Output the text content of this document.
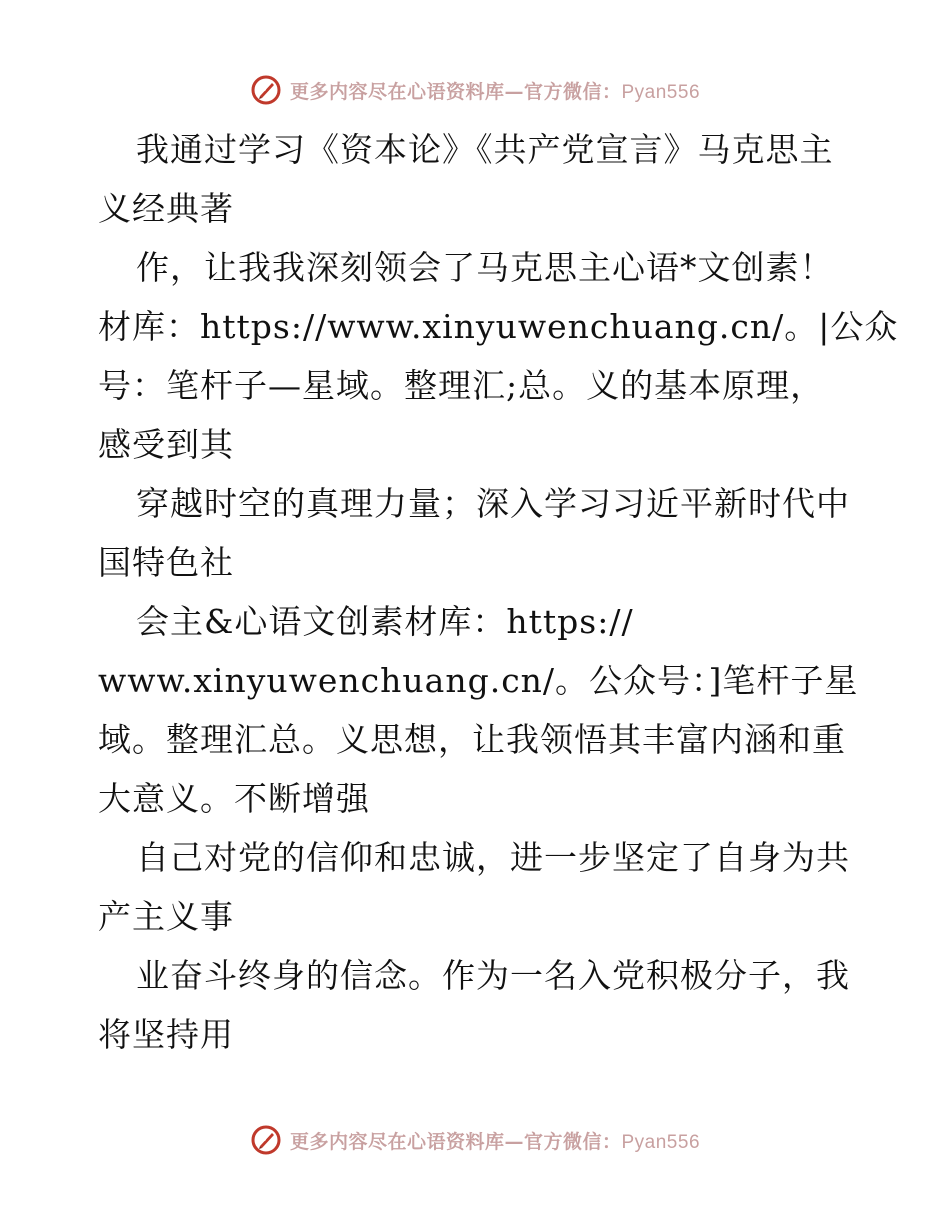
更多内容尽在心语资料库—官方微信：Pyan556
我通过学习《资本论》《共产党宣言》马克思主
义经典著
作，让我我深刻领会了马克思主心语*文创素！
材库：https://www.xinyuwenchuang.cn/。|公众
号：笔杆子—星域。整理汇;总。义的基本原理，
感受到其
穿越时空的真理力量；深入学习习近平新时代中
国特色社
会主&心语文创素材库：https://
www.xinyuwenchuang.cn/。公众号：]笔杆子星
域。整理汇总。义思想，让我领悟其丰富内涵和重
大意义。不断增强
自己对党的信仰和忠诚，进一步坚定了自身为共
产主义事
业奋斗终身的信念。作为一名入党积极分子，我
将坚持用
更多内容尽在心语资料库—官方微信：Pyan556
